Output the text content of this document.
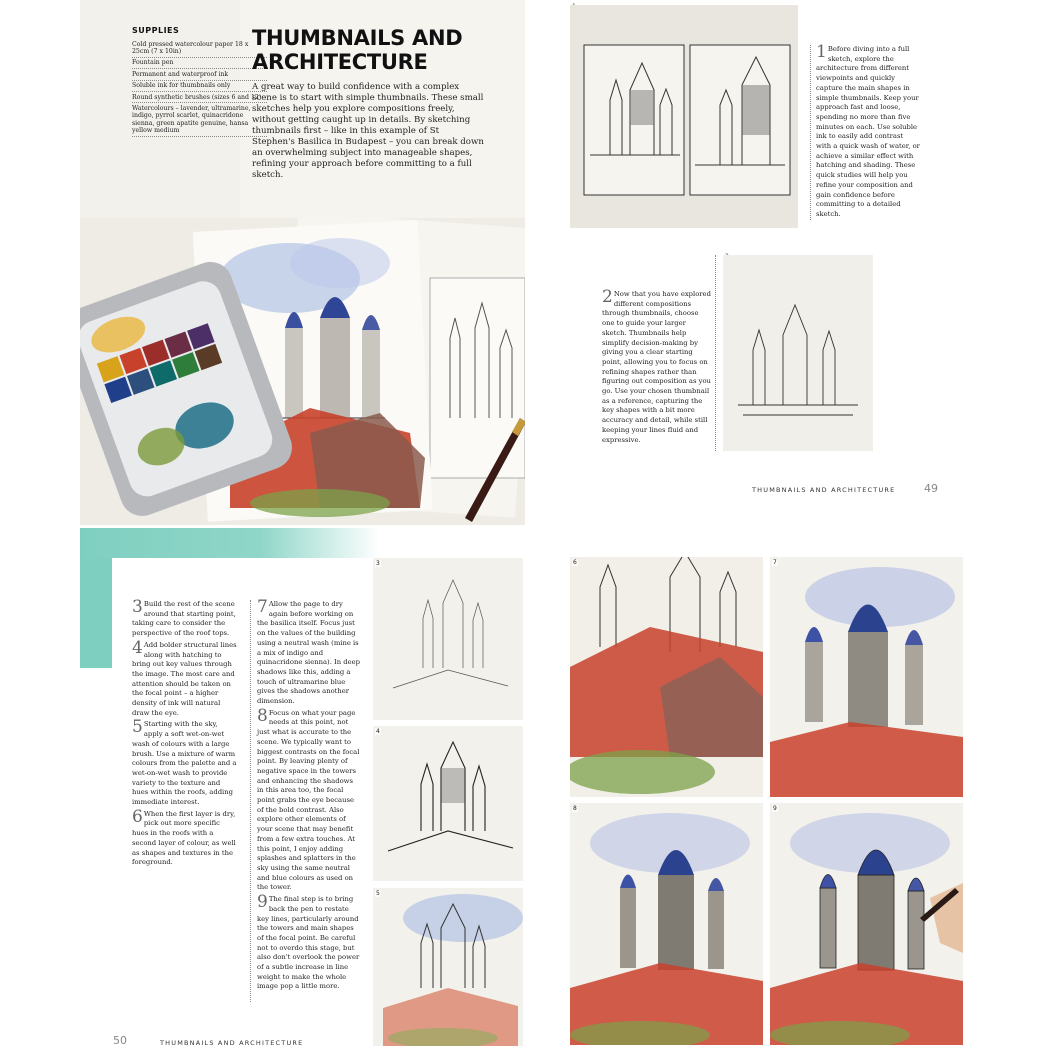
SUPPLIES
Cold pressed watercolour paper 18 x 25cm (7 x 10in)
Fountain pen
Permanent and waterproof ink
Soluble ink for thumbnails only
Round synthetic brushes (sizes 6 and 12)
Watercolours – lavender, ultramarine, indigo, pyrrol scarlet, quinacridone sienna, green apatite genuine, hansa yellow medium
THUMBNAILS AND
ARCHITECTURE

A great way to build confidence with a complex scene is to start with simple thumbnails. These small sketches help you explore compositions freely, without getting caught up in details. By sketching thumbnails first – like in this example of St Stephen's Basilica in Budapest – you can break down an overwhelming subject into manageable shapes, refining your approach before committing to a full sketch.

1 Before diving into a full sketch, explore the architecture from different viewpoints and quickly capture the main shapes in simple thumbnails. Keep your approach fast and loose, spending no more than five minutes on each. Use soluble ink to easily add contrast with a quick wash of water, or achieve a similar effect with hatching and shading. These quick studies will help you refine your composition and gain confidence before committing to a detailed sketch.
2 Now that you have explored different compositions through thumbnails, choose one to guide your larger sketch. Thumbnails help simplify decision-making by giving you a clear starting point, allowing you to focus on refining shapes rather than figuring out composition as you go. Use your chosen thumbnail as a reference, capturing the key shapes with a bit more accuracy and detail, while still keeping your lines fluid and expressive.
THUMBNAILS AND ARCHITECTURE	49

3 Build the rest of the scene around that starting point, taking care to consider the perspective of the roof tops.

4 Add bolder structural lines along with hatching to bring out key values through the image. The most care and attention should be taken on the focal point – a higher density of ink will natural draw the eye.

5 Starting with the sky, apply a soft wet-on-wet wash of colours with a large brush. Use a mixture of warm colours from the palette and a wet-on-wet wash to provide variety to the texture and hues within the roofs, adding immediate interest.

6 When the first layer is dry, pick out more specific hues in the roofs with a second layer of colour, as well as shapes and textures in the foreground.

7 Allow the page to dry again before working on the basilica itself. Focus just on the values of the building using a neutral wash (mine is a mix of indigo and quinacridone sienna). In deep shadows like this, adding a touch of ultramarine blue gives the shadows another dimension.

8 Focus on what your page needs at this point, not just what is accurate to the scene. We typically want to biggest contrasts on the focal point. By leaving plenty of negative space in the towers and enhancing the shadows in this area too, the focal point grabs the eye because of the bold contrast. Also explore other elements of your scene that may benefit from a few extra touches. At this point, I enjoy adding splashes and splatters in the sky using the same neutral and blue colours as used on the tower.

9 The final step is to bring back the pen to restate key lines, particularly around the towers and main shapes of the focal point. Be careful not to overdo this stage, but also don't overlook the power of a subtle increase in line weight to make the whole image pop a little more.

3
4
5
50	THUMBNAILS AND ARCHITECTURE
6	7
8	9
